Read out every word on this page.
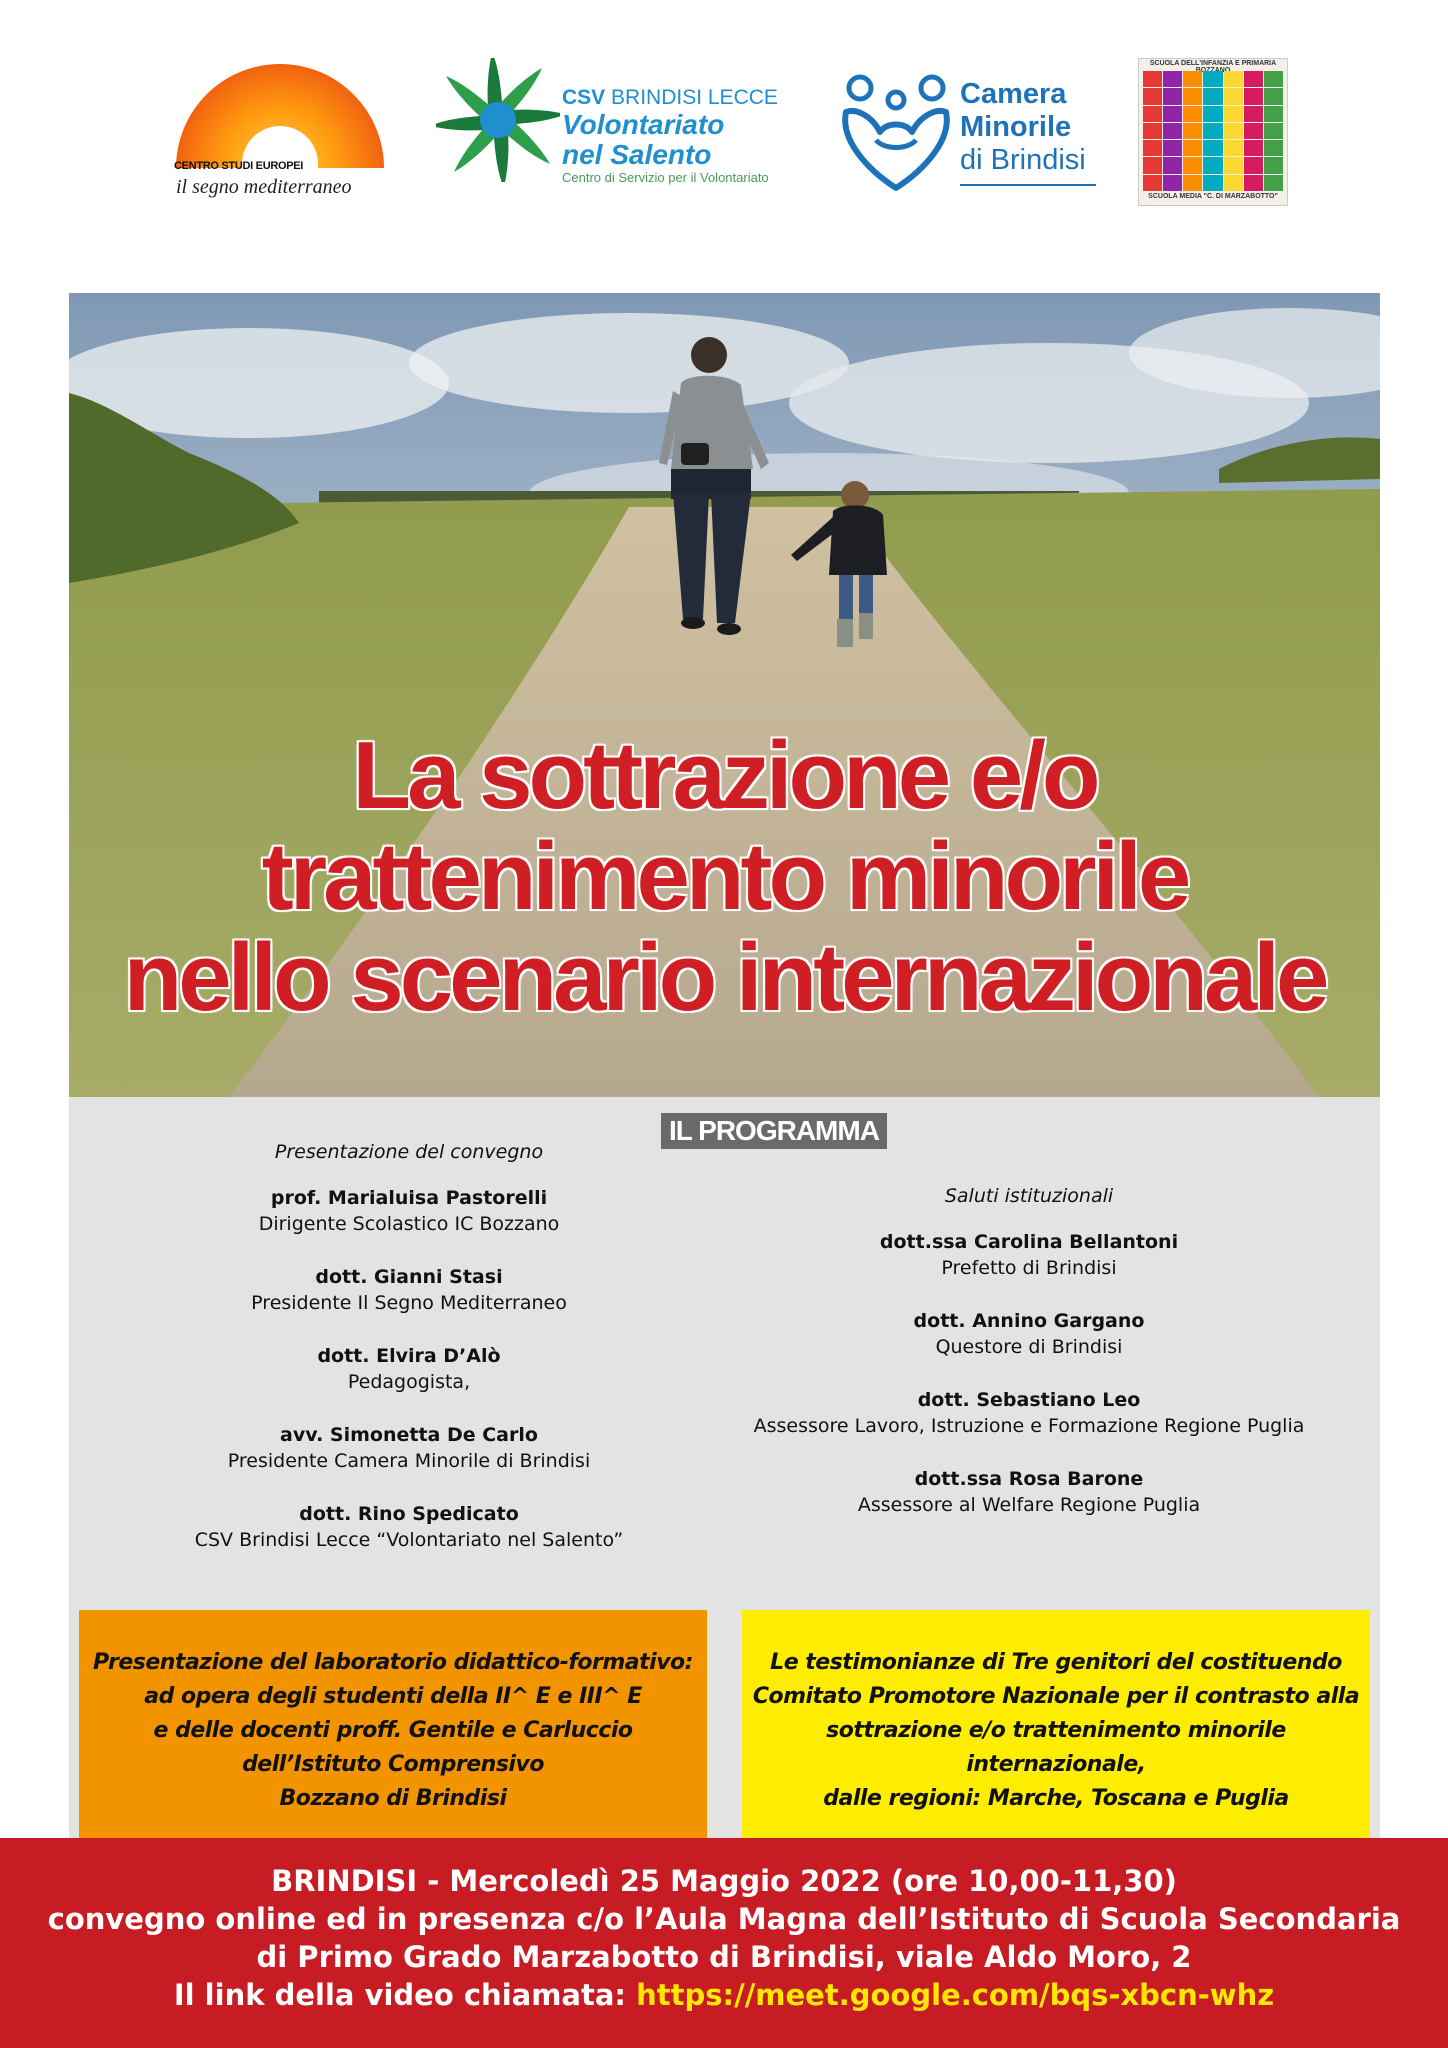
CENTRO STUDI EUROPEI
il segno mediterraneo
CSV BRINDISI LECCE
Volontariato
nel Salento
Centro di Servizio per il Volontariato
Camera
Minorile
di Brindisi
SCUOLA DELL'INFANZIA E PRIMARIA
SCUOLA MEDIA "C. DI MARZABOTTO"
La sottrazione e/o
trattenimento minorile
nello scenario internazionale
IL PROGRAMMA
Presentazione del convegno
prof. Marialuisa Pastorelli
Dirigente Scolastico IC Bozzano
dott. Gianni Stasi
Presidente Il Segno Mediterraneo
dott. Elvira D’Alò
Pedagogista,
avv. Simonetta De Carlo
Presidente Camera Minorile di Brindisi
dott. Rino Spedicato
CSV Brindisi Lecce “Volontariato nel Salento”
Saluti istituzionali
dott.ssa Carolina Bellantoni
Prefetto di Brindisi
dott. Annino Gargano
Questore di Brindisi
dott. Sebastiano Leo
Assessore Lavoro, Istruzione e Formazione Regione Puglia
dott.ssa Rosa Barone
Assessore al Welfare Regione Puglia
Presentazione del laboratorio didattico-formativo:
ad opera degli studenti della II^ E e III^ E
e delle docenti proff. Gentile e Carluccio
dell’Istituto Comprensivo
Bozzano di Brindisi
Le testimonianze di Tre genitori del costituendo
Comitato Promotore Nazionale per il contrasto alla
sottrazione e/o trattenimento minorile internazionale,
dalle regioni: Marche, Toscana e Puglia
BRINDISI - Mercoledì 25 Maggio 2022 (ore 10,00-11,30)
convegno online ed in presenza c/o l’Aula Magna dell’Istituto di Scuola Secondaria
di Primo Grado Marzabotto di Brindisi, viale Aldo Moro, 2
Il link della video chiamata: https://meet.google.com/bqs-xbcn-whz
